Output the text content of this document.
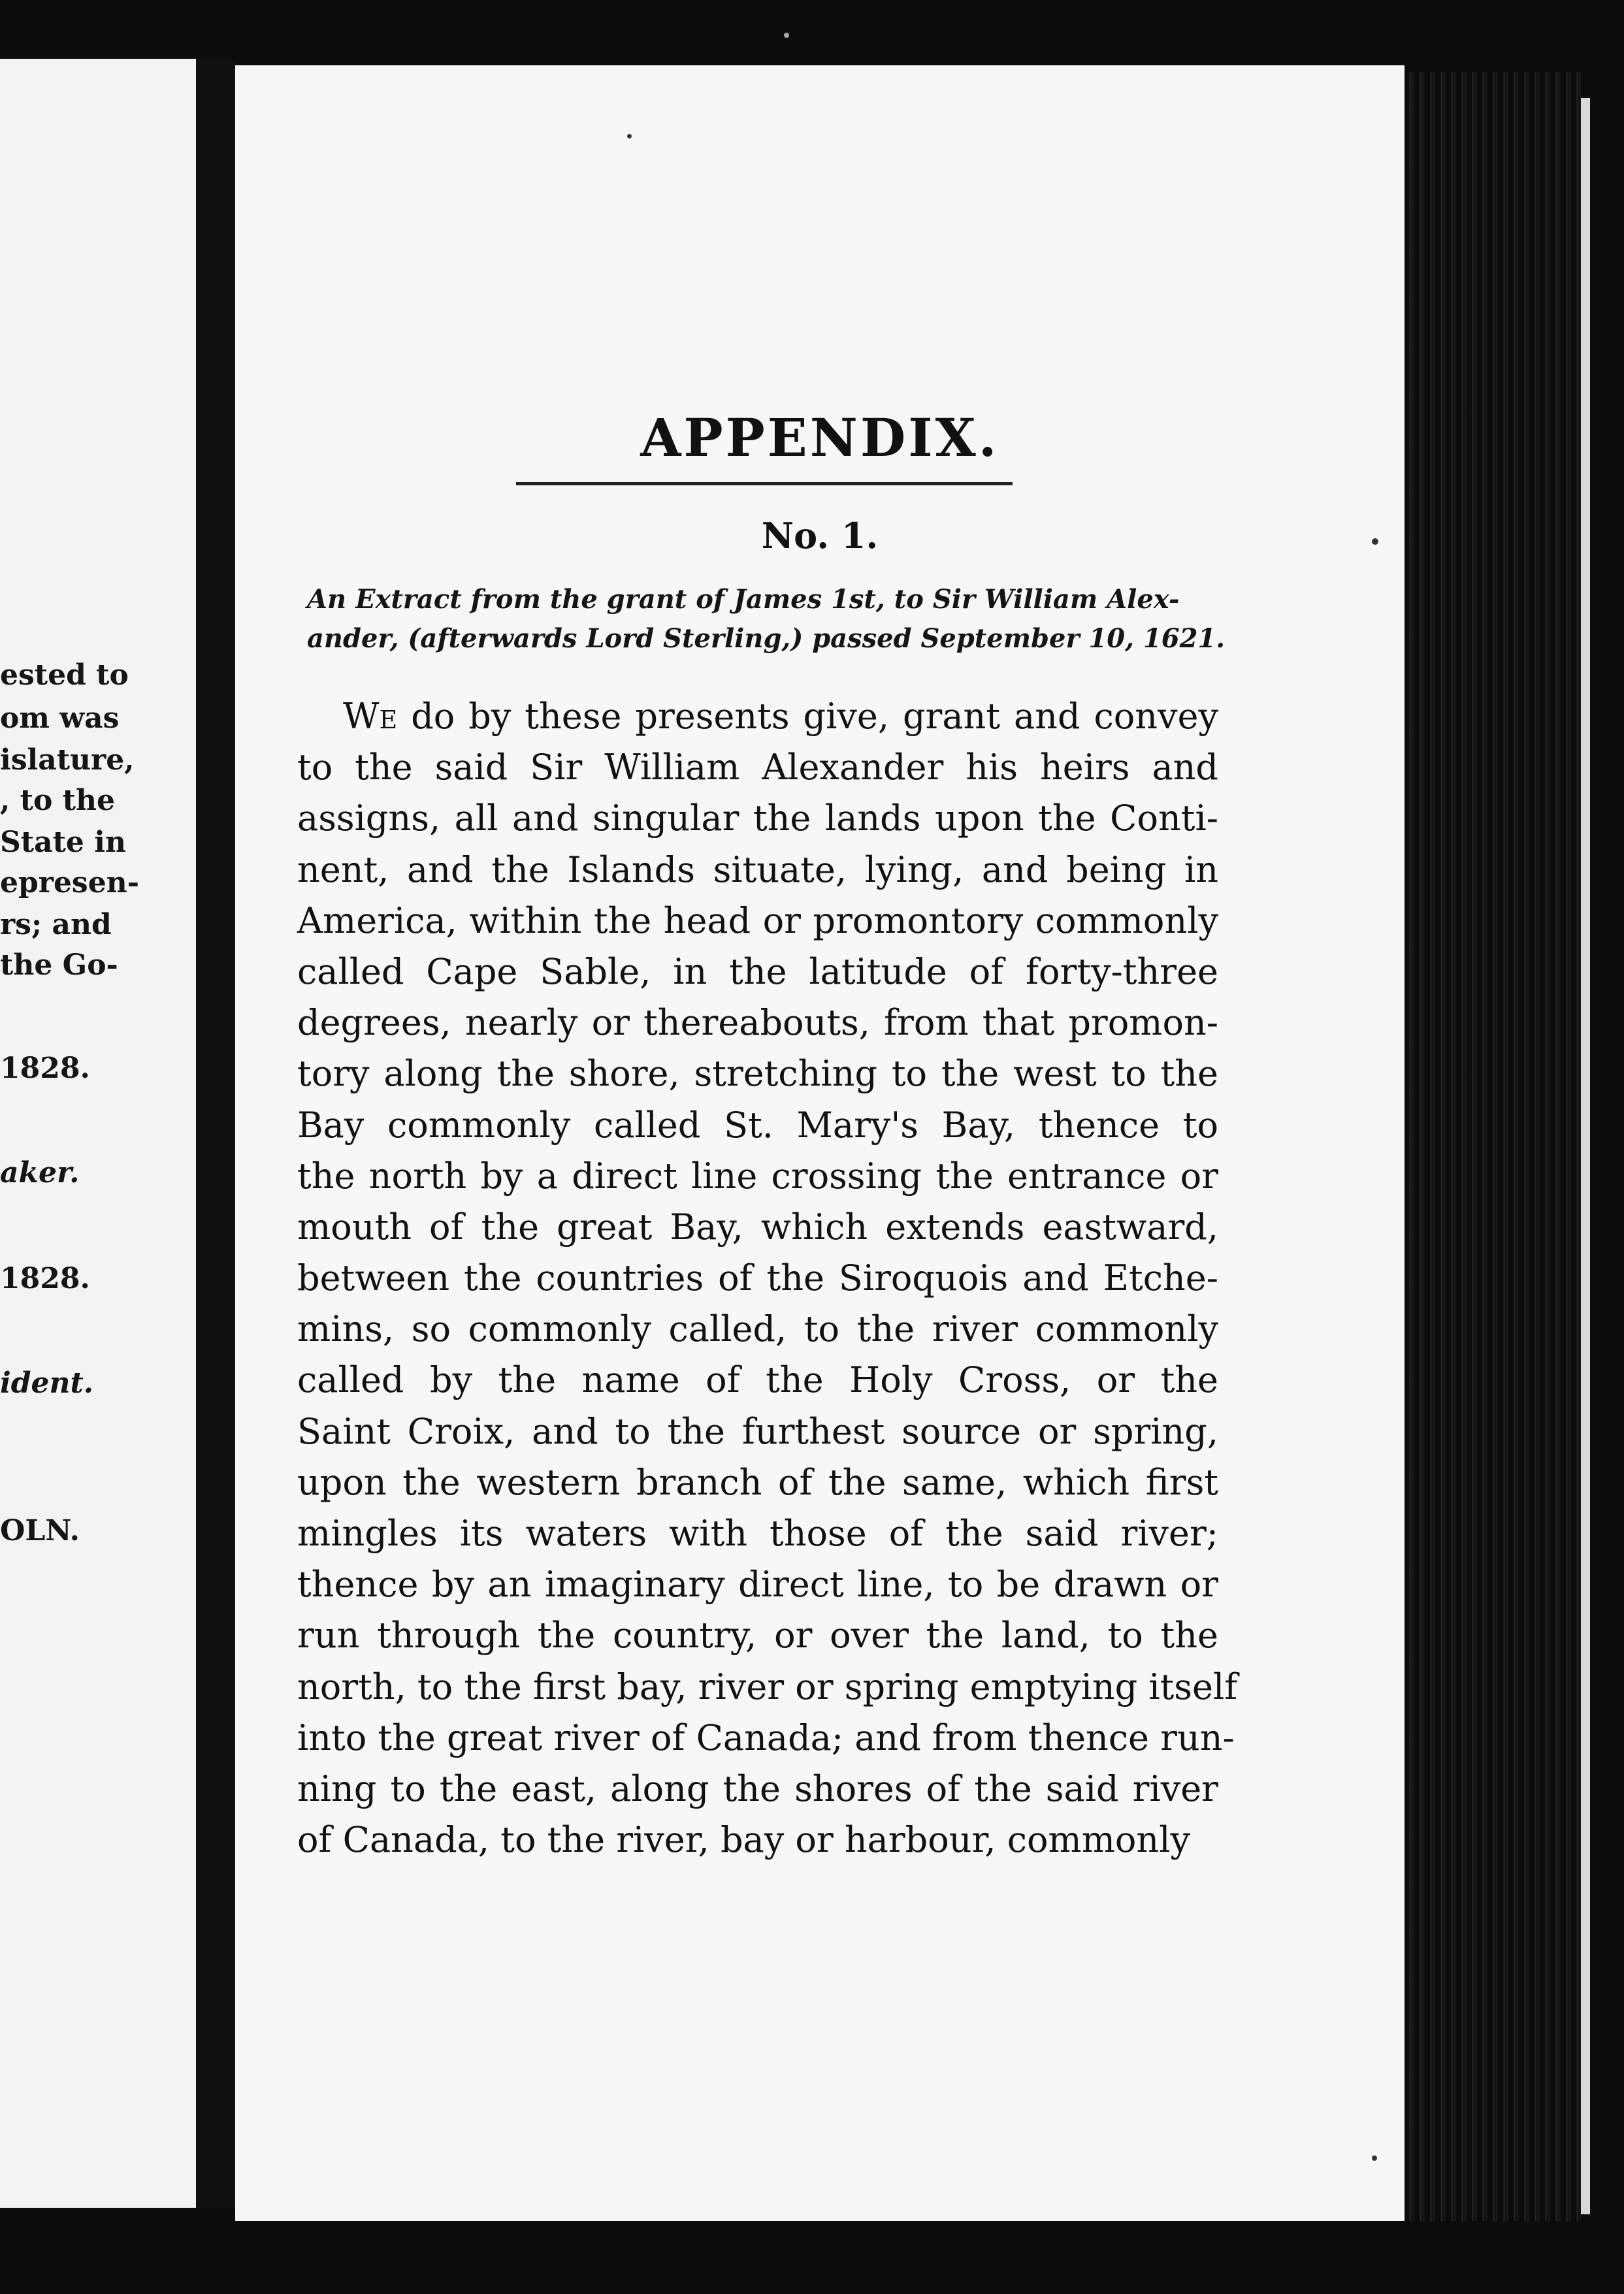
ested to
om was
islature,
, to the
State in
epresen-
rs; and
the Go-
1828.
aker.
1828.
ident.
OLN.
APPENDIX.
No. 1.
An Extract from the grant of James 1st, to Sir William Alex-
ander, (afterwards Lord Sterling,) passed September 10, 1621.
We do by these presents give, grant and convey
to the said Sir William Alexander his heirs and
assigns, all and singular the lands upon the Conti-
nent, and the Islands situate, lying, and being in
America, within the head or promontory commonly
called Cape Sable, in the latitude of forty-three
degrees, nearly or thereabouts, from that promon-
tory along the shore, stretching to the west to the
Bay commonly called St. Mary's Bay, thence to
the north by a direct line crossing the entrance or
mouth of the great Bay, which extends eastward,
between the countries of the Siroquois and Etche-
mins, so commonly called, to the river commonly
called by the name of the Holy Cross, or the
Saint Croix, and to the furthest source or spring,
upon the western branch of the same, which first
mingles its waters with those of the said river;
thence by an imaginary direct line, to be drawn or
run through the country, or over the land, to the
north, to the first bay, river or spring emptying itself
into the great river of Canada; and from thence run-
ning to the east, along the shores of the said river
of Canada, to the river, bay or harbour, commonly
